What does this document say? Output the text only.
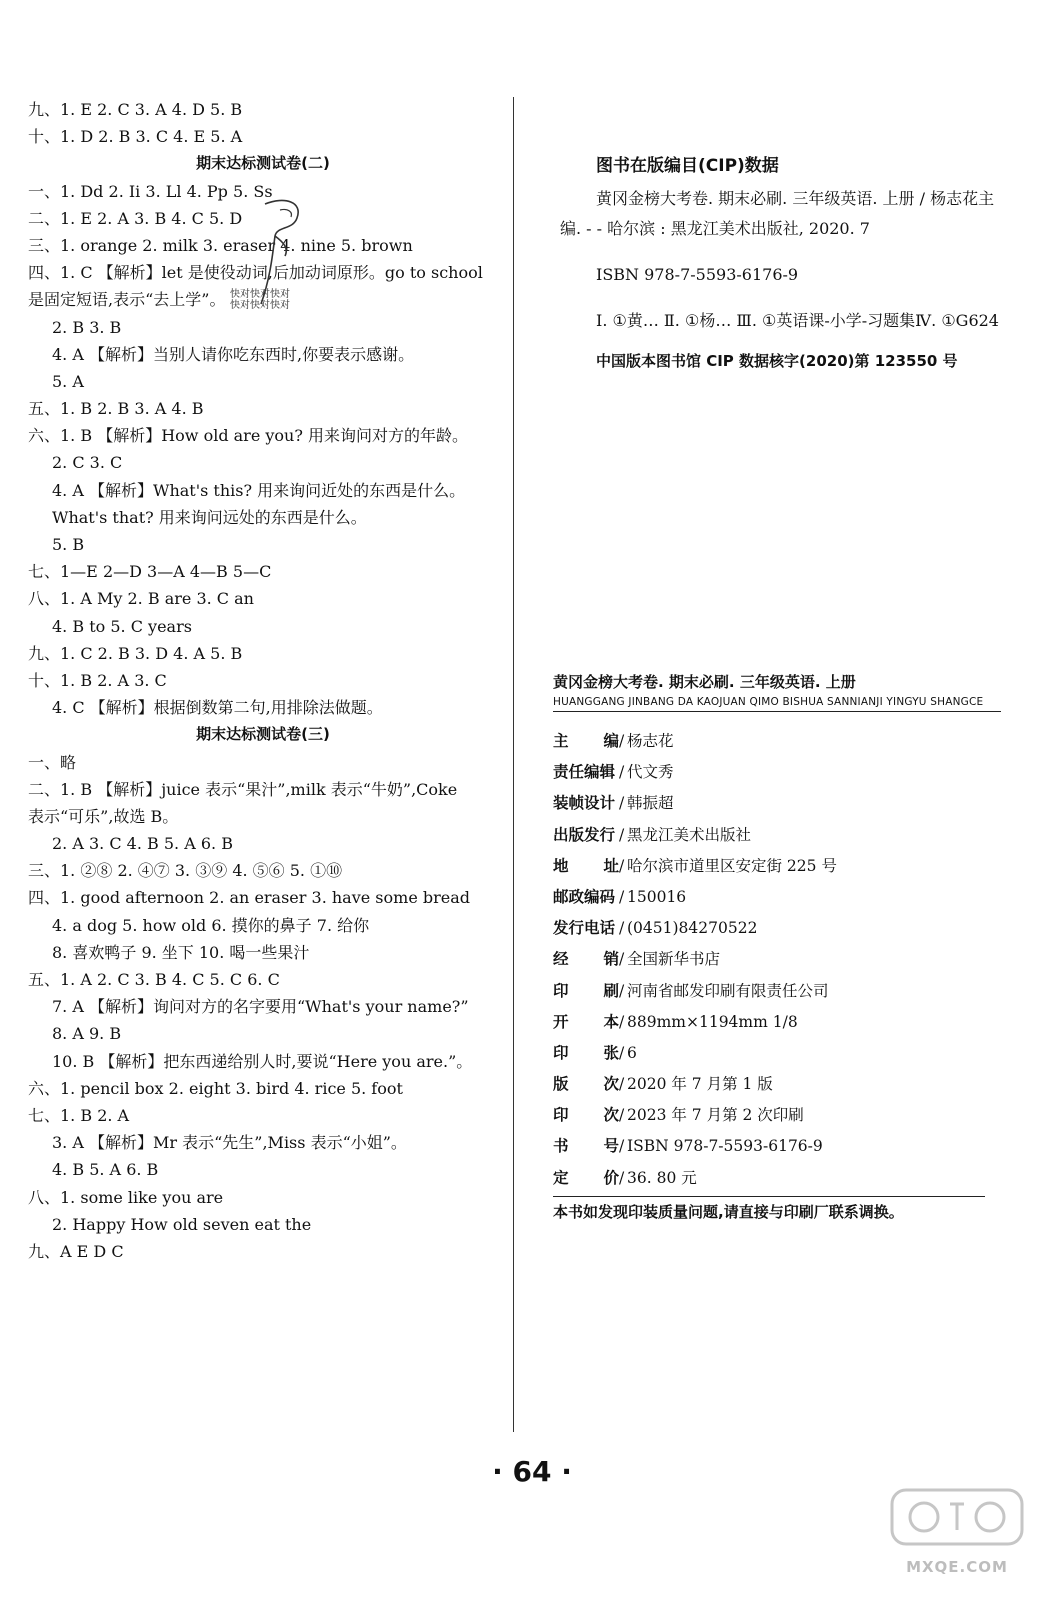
九、1. E 2. C 3. A 4. D 5. B
十、1. D 2. B 3. C 4. E 5. A
期末达标测试卷(二)
一、1. Dd 2. Ii 3. Ll 4. Pp 5. Ss
二、1. E 2. A 3. B 4. C 5. D
三、1. orange 2. milk 3. eraser 4. nine 5. brown
四、1. C 【解析】let 是使役动词,后加动词原形。go to school
是固定短语,表示“去上学”。
2. B 3. B
4. A 【解析】当别人请你吃东西时,你要表示感谢。
5. A
五、1. B 2. B 3. A 4. B
六、1. B 【解析】How old are you? 用来询问对方的年龄。
2. C 3. C
4. A 【解析】What's this? 用来询问近处的东西是什么。
What's that? 用来询问远处的东西是什么。
5. B
七、1—E 2—D 3—A 4—B 5—C
八、1. A My 2. B are 3. C an
4. B to 5. C years
九、1. C 2. B 3. D 4. A 5. B
十、1. B 2. A 3. C
4. C 【解析】根据倒数第二句,用排除法做题。
期末达标测试卷(三)
一、略
二、1. B 【解析】juice 表示“果汁”,milk 表示“牛奶”,Coke
表示“可乐”,故选 B。
2. A 3. C 4. B 5. A 6. B
三、1. ②⑧ 2. ④⑦ 3. ③⑨ 4. ⑤⑥ 5. ①⑩
四、1. good afternoon 2. an eraser 3. have some bread
4. a dog 5. how old 6. 摸你的鼻子 7. 给你
8. 喜欢鸭子 9. 坐下 10. 喝一些果汁
五、1. A 2. C 3. B 4. C 5. C 6. C
7. A 【解析】询问对方的名字要用“What's your name?”
8. A 9. B
10. B 【解析】把东西递给别人时,要说“Here you are.”。
六、1. pencil box 2. eight 3. bird 4. rice 5. foot
七、1. B 2. A
3. A 【解析】Mr 表示“先生”,Miss 表示“小姐”。
4. B 5. A 6. B
八、1. some like you are
2. Happy How old seven eat the
九、A E D C
快对快对快对
快对快对快对
图书在版编目(CIP)数据

黄冈金榜大考卷. 期末必刷. 三年级英语. 上册 / 杨志花主编. - - 哈尔滨 : 黑龙江美术出版社, 2020. 7

ISBN 978-7-5593-6176-9

Ⅰ. ①黄… Ⅱ. ①杨… Ⅲ. ①英语课-小学-习题集Ⅳ. ①G624

中国版本图书馆 CIP 数据核字(2020)第 123550 号

黄冈金榜大考卷. 期末必刷. 三年级英语. 上册
HUANGGANG JINBANG DA KAOJUAN QIMO BISHUA SANNIANJI YINGYU SHANGCE
主 编 / 杨志花
责任编辑 / 代文秀
装帧设计 / 韩振超
出版发行 / 黑龙江美术出版社
地 址 / 哈尔滨市道里区安定街 225 号
邮政编码 / 150016
发行电话 / (0451)84270522
经 销 / 全国新华书店
印 刷 / 河南省邮发印刷有限责任公司
开 本 / 889mm×1194mm 1/8
印 张 / 6
版 次 / 2020 年 7 月第 1 版
印 次 / 2023 年 7 月第 2 次印刷
书 号 / ISBN 978-7-5593-6176-9
定 价 / 36. 80 元
本书如发现印装质量问题,请直接与印刷厂联系调换。
· 64 ·
MXQE.COM
